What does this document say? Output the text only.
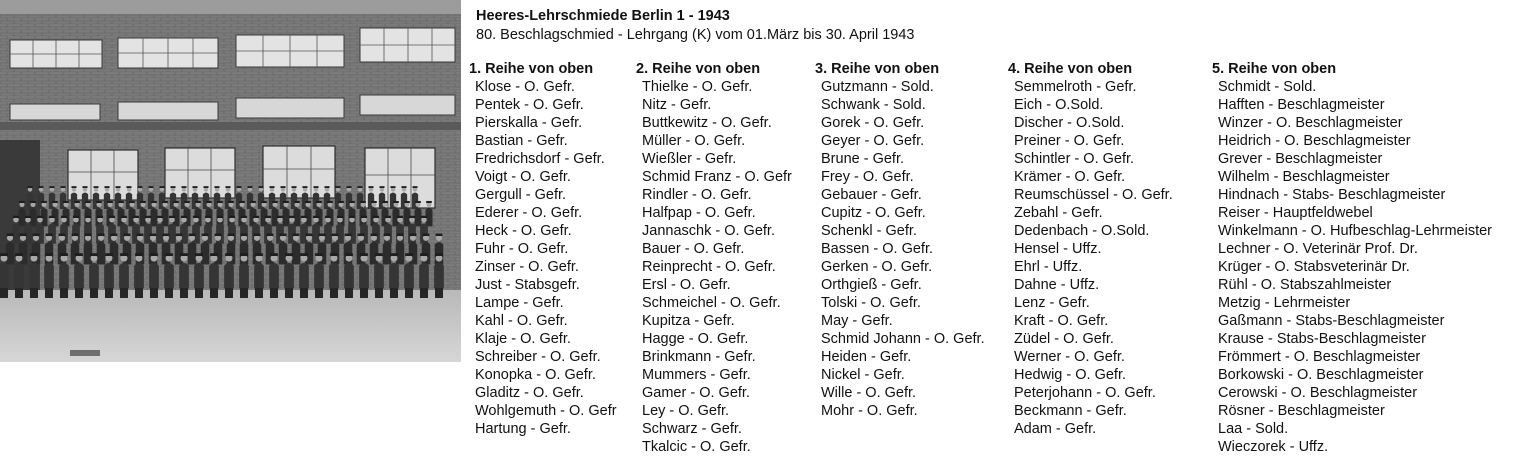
Heeres-Lehrschmiede Berlin 1 - 1943
80. Beschlagschmied - Lehrgang (K) vom 01.März bis 30. April 1943
1. Reihe von oben
Klose - O. Gefr.
Pentek - O. Gefr.
Pierskalla - Gefr.
Bastian - Gefr.
Fredrichsdorf - Gefr.
Voigt - O. Gefr.
Gergull - Gefr.
Ederer - O. Gefr.
Heck - O. Gefr.
Fuhr - O. Gefr.
Zinser - O. Gefr.
Just - Stabsgefr.
Lampe - Gefr.
Kahl - O. Gefr.
Klaje - O. Gefr.
Schreiber - O. Gefr.
Konopka - O. Gefr.
Gladitz - O. Gefr.
Wohlgemuth - O. Gefr
Hartung - Gefr.
2. Reihe von oben
Thielke - O. Gefr.
Nitz - Gefr.
Buttkewitz - O. Gefr.
Müller - O. Gefr.
Wießler - Gefr.
Schmid Franz - O. Gefr
Rindler - O. Gefr.
Halfpap - O. Gefr.
Jannaschk - O. Gefr.
Bauer - O. Gefr.
Reinprecht - O. Gefr.
Ersl - O. Gefr.
Schmeichel - O. Gefr.
Kupitza - Gefr.
Hagge - O. Gefr.
Brinkmann - Gefr.
Mummers - Gefr.
Gamer - O. Gefr.
Ley - O. Gefr.
Schwarz - Gefr.
Tkalcic - O. Gefr.
3. Reihe von oben
Gutzmann - Sold.
Schwank - Sold.
Gorek - O. Gefr.
Geyer - O. Gefr.
Brune - Gefr.
Frey - O. Gefr.
Gebauer - Gefr.
Cupitz - O. Gefr.
Schenkl - Gefr.
Bassen - O. Gefr.
Gerken - O. Gefr.
Orthgieß - Gefr.
Tolski - O. Gefr.
May - Gefr.
Schmid Johann - O. Gefr.
Heiden - Gefr.
Nickel - Gefr.
Wille - O. Gefr.
Mohr - O. Gefr.
4. Reihe von oben
Semmelroth - Gefr.
Eich - O.Sold.
Discher - O.Sold.
Preiner - O. Gefr.
Schintler - O. Gefr.
Krämer - O. Gefr.
Reumschüssel - O. Gefr.
Zebahl - Gefr.
Dedenbach - O.Sold.
Hensel - Uffz.
Ehrl - Uffz.
Dahne - Uffz.
Lenz - Gefr.
Kraft - O. Gefr.
Züdel - O. Gefr.
Werner - O. Gefr.
Hedwig - O. Gefr.
Peterjohann - O. Gefr.
Beckmann - Gefr.
Adam - Gefr.
5. Reihe von oben
Schmidt - Sold.
Hafften - Beschlagmeister
Winzer - O. Beschlagmeister
Heidrich - O. Beschlagmeister
Grever - Beschlagmeister
Wilhelm - Beschlagmeister
Hindnach - Stabs- Beschlagmeister
Reiser - Hauptfeldwebel
Winkelmann - O. Hufbeschlag-Lehrmeister
Lechner - O. Veterinär Prof. Dr.
Krüger - O. Stabsveterinär Dr.
Rühl - O. Stabszahlmeister
Metzig - Lehrmeister
Gaßmann - Stabs-Beschlagmeister
Krause - Stabs-Beschlagmeister
Frömmert - O. Beschlagmeister
Borkowski - O. Beschlagmeister
Cerowski - O. Beschlagmeister
Rösner - Beschlagmeister
Laa - Sold.
Wieczorek - Uffz.
